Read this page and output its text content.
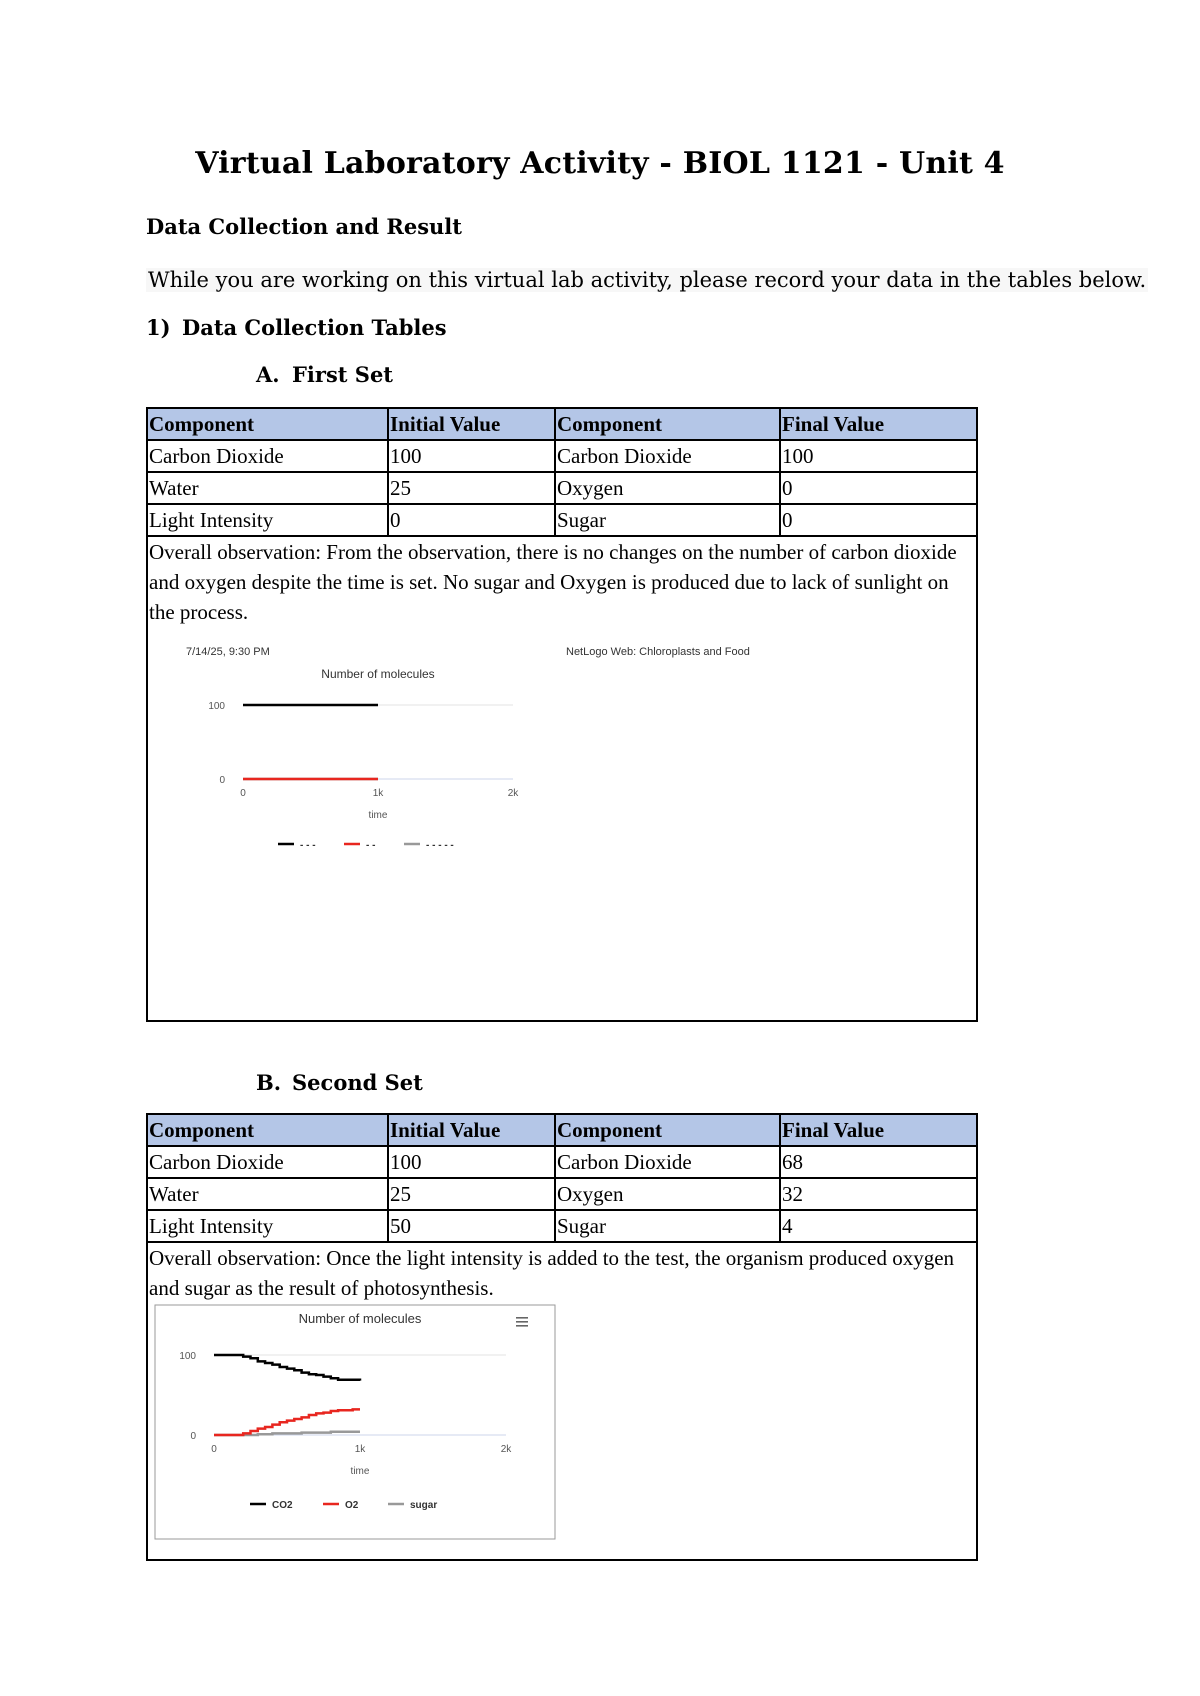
Virtual Laboratory Activity - BIOL 1121 - Unit 4
Data Collection and Result
While you are working on this virtual lab activity, please record your data in the tables below.
1) Data Collection Tables
A. First Set
Component	Initial Value	Component	Final Value
Carbon Dioxide	100	Carbon Dioxide	100
Water	25	Oxygen	0
Light Intensity	0	Sugar	0
Overall observation: From the observation, there is no changes on the number of carbon dioxide and oxygen despite the time is set. No sugar and Oxygen is produced due to lack of sunlight on the process.
7/14/25, 9:30 PM	NetLogo Web: Chloroplasts and Food
Number of molecules
100
0
0	1k	2k
time
- - -	- -	- - - - -
B. Second Set
Component	Initial Value	Component	Final Value
Carbon Dioxide	100	Carbon Dioxide	68
Water	25	Oxygen	32
Light Intensity	50	Sugar	4
Overall observation: Once the light intensity is added to the test, the organism produced oxygen and sugar as the result of photosynthesis.
Number of molecules
100
0
0	1k	2k
time
CO2	O2	sugar
